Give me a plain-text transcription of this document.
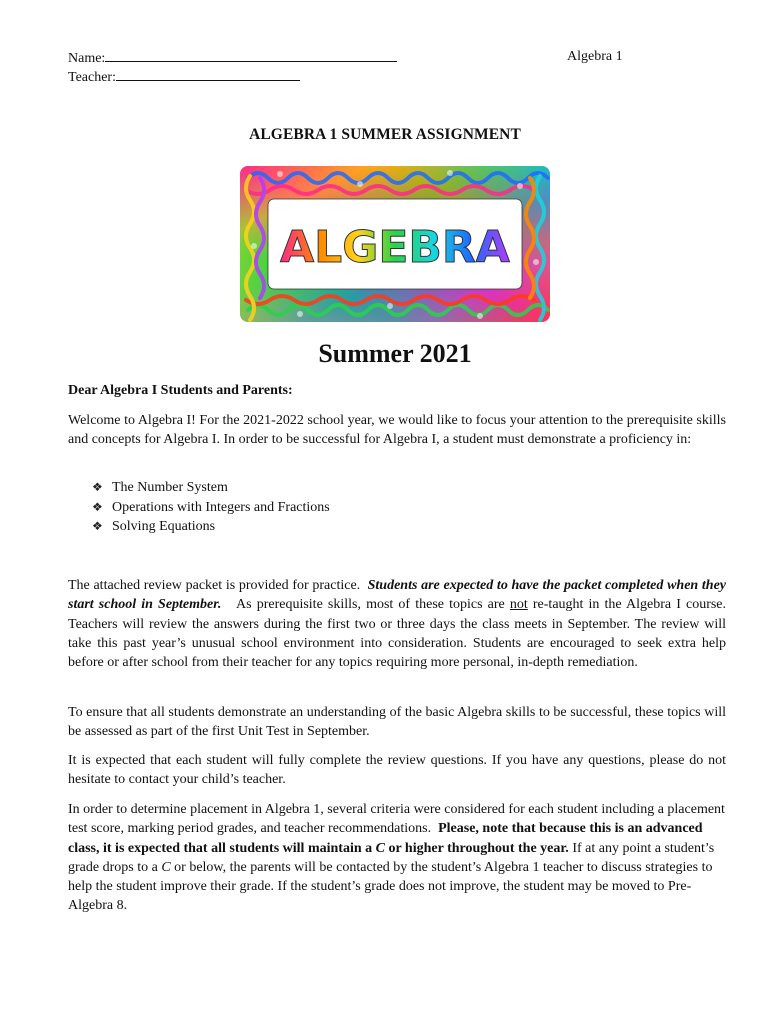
Name:	Algebra 1
Teacher:
ALGEBRA 1 SUMMER ASSIGNMENT
ALGEBRA
Summer 2021
Dear Algebra I Students and Parents:

Welcome to Algebra I! For the 2021-2022 school year, we would like to focus your attention to the prerequisite skills and concepts for Algebra I. In order to be successful for Algebra I, a student must demonstrate a proficiency in:

❖ The Number System
❖ Operations with Integers and Fractions
❖ Solving Equations

The attached review packet is provided for practice. Students are expected to have the packet completed when they start school in September. As prerequisite skills, most of these topics are not re-taught in the Algebra I course. Teachers will review the answers during the first two or three days the class meets in September. The review will take this past year’s unusual school environment into consideration. Students are encouraged to seek extra help before or after school from their teacher for any topics requiring more personal, in-depth remediation.

To ensure that all students demonstrate an understanding of the basic Algebra skills to be successful, these topics will be assessed as part of the first Unit Test in September.

It is expected that each student will fully complete the review questions. If you have any questions, please do not hesitate to contact your child’s teacher.

In order to determine placement in Algebra 1, several criteria were considered for each student including a placement test score, marking period grades, and teacher recommendations. Please, note that because this is an advanced class, it is expected that all students will maintain a C or higher throughout the year. If at any point a student’s grade drops to a C or below, the parents will be contacted by the student’s Algebra 1 teacher to discuss strategies to help the student improve their grade. If the student’s grade does not improve, the student may be moved to Pre-Algebra 8.
